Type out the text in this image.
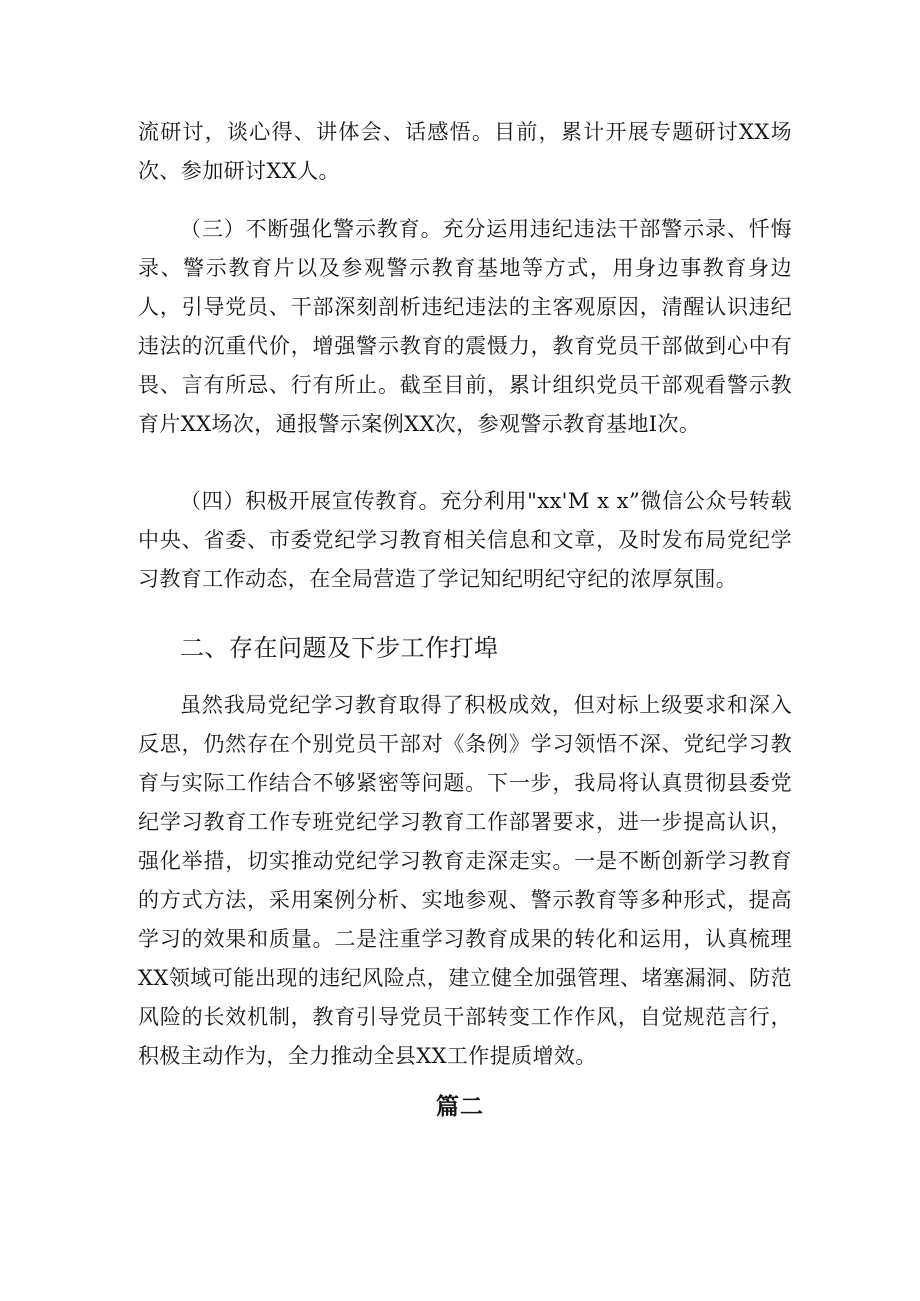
流研讨，谈心得、讲体会、话感悟。目前，累计开展专题研讨XX场次、参加研讨XX人。

（三）不断强化警示教育。充分运用违纪违法干部警示录、忏悔录、警示教育片以及参观警示教育基地等方式，用身边事教育身边人，引导党员、干部深刻剖析违纪违法的主客观原因，清醒认识违纪违法的沉重代价，增强警示教育的震慑力，教育党员干部做到心中有畏、言有所忌、行有所止。截至目前，累计组织党员干部观看警示教育片XX场次，通报警示案例XX次，参观警示教育基地I次。

（四）积极开展宣传教育。充分利用"xx'M x x”微信公众号转载中央、省委、市委党纪学习教育相关信息和文章，及时发布局党纪学习教育工作动态，在全局营造了学记知纪明纪守纪的浓厚氛围。

二、存在问题及下步工作打埠

虽然我局党纪学习教育取得了积极成效，但对标上级要求和深入反思，仍然存在个别党员干部对《条例》学习领悟不深、党纪学习教育与实际工作结合不够紧密等问题。下一步，我局将认真贯彻县委党纪学习教育工作专班党纪学习教育工作部署要求，进一步提高认识，强化举措，切实推动党纪学习教育走深走实。一是不断创新学习教育的方式方法，采用案例分析、实地参观、警示教育等多种形式，提高学习的效果和质量。二是注重学习教育成果的转化和运用，认真梳理XX领域可能出现的违纪风险点，建立健全加强管理、堵塞漏洞、防范风险的长效机制，教育引导党员干部转变工作作风，自觉规范言行，积极主动作为，全力推动全县XX工作提质增效。

篇二
